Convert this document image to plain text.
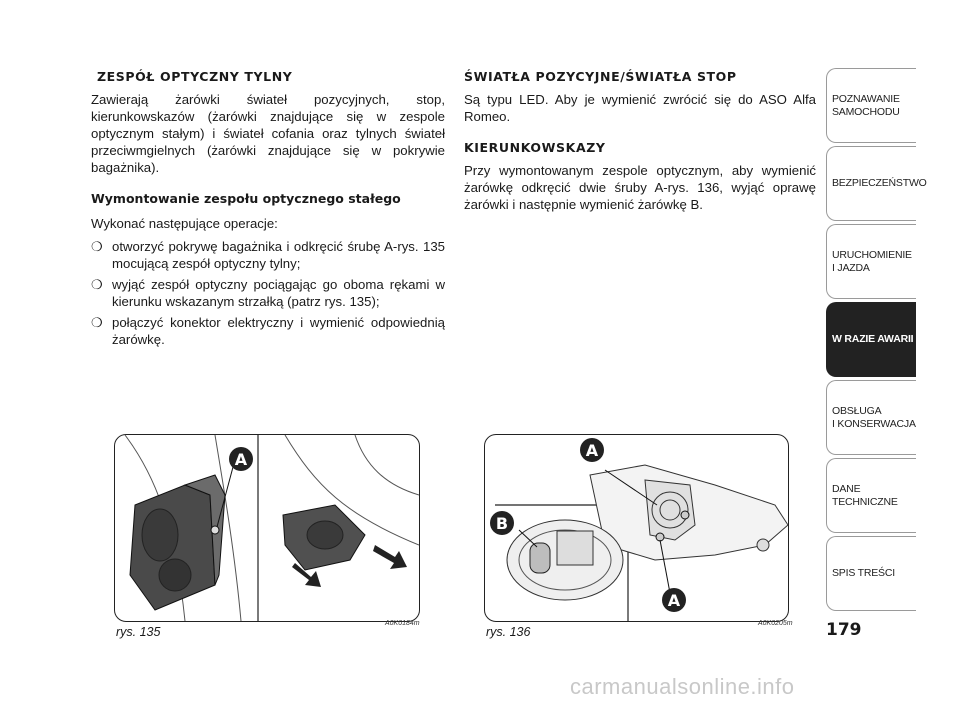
ZESPÓŁ OPTYCZNY TYLNY

Zawierają żarówki świateł pozycyjnych, stop, kierunkowskazów (żarówki znajdujące się w zespole optycznym stałym) i świateł cofania oraz tylnych świateł przeciwmgielnych (żarówki znajdujące się w pokrywie bagażnika).

Wymontowanie zespołu optycznego stałego

Wykonać następujące operacje:

❍ otworzyć pokrywę bagażnika i odkręcić śrubę A-rys. 135 mocującą zespół optyczny tylny;
❍ wyjąć zespół optyczny pociągając go oboma rękami w kierunku wskazanym strzałką (patrz rys. 135);
❍ połączyć konektor elektryczny i wymienić odpowiednią żarówkę.
ŚWIATŁA POZYCYJNE/ŚWIATŁA STOP

Są typu LED. Aby je wymienić zwrócić się do ASO Alfa Romeo.

KIERUNKOWSKAZY

Przy wymontowanym zespole optycznym, aby wymienić żarówkę odkręcić dwie śruby A-rys. 136, wyjąć oprawę żarówki i następnie wymienić żarówkę B.

POZNAWANIE
SAMOCHODU
BEZPIECZEŃSTWO
URUCHOMIENIE
I JAZDA
W RAZIE AWARII
OBSŁUGA
I KONSERWACJA
DANE
TECHNICZNE
SPIS TREŚCI
179
A
rys. 135
A0K0184m
A
B
A
rys. 136
A0K0205m
carmanualsonline.info
